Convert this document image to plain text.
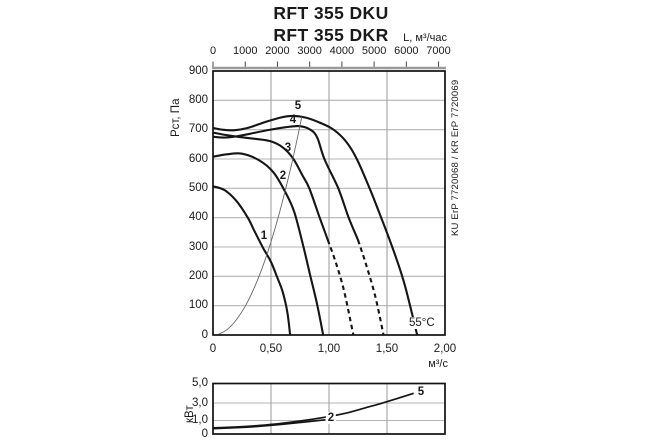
RFT 355 DKU
RFT 355 DKR	L, м³/час
Pст, Па	KU ErP 7720068 / KR ErP 7720069
м³/с
кВт
55°C
0	1000 2000 3000 4000 5000 6000 7000
1
2
3
4
5
900
800
700
600
500
400
300
200
100
0
0	0,50	1,00	1,50	2,00
5,0
3,0
1,0
0
2
5
